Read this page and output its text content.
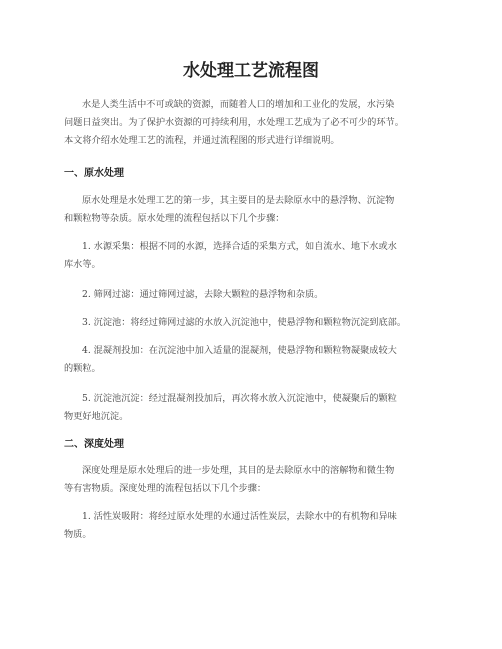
水处理工艺流程图

水是人类生活中不可或缺的资源，而随着人口的增加和工业化的发展，水污染
问题日益突出。为了保护水资源的可持续利用，水处理工艺成为了必不可少的环节。
本文将介绍水处理工艺的流程，并通过流程图的形式进行详细说明。

一、原水处理

原水处理是水处理工艺的第一步，其主要目的是去除原水中的悬浮物、沉淀物
和颗粒物等杂质。原水处理的流程包括以下几个步骤：

1. 水源采集：根据不同的水源，选择合适的采集方式，如自流水、地下水或水
库水等。

2. 筛网过滤：通过筛网过滤，去除大颗粒的悬浮物和杂质。

3. 沉淀池：将经过筛网过滤的水放入沉淀池中，使悬浮物和颗粒物沉淀到底部。

4. 混凝剂投加：在沉淀池中加入适量的混凝剂，使悬浮物和颗粒物凝聚成较大
的颗粒。

5. 沉淀池沉淀：经过混凝剂投加后，再次将水放入沉淀池中，使凝聚后的颗粒
物更好地沉淀。

二、深度处理

深度处理是原水处理后的进一步处理，其目的是去除原水中的溶解物和微生物
等有害物质。深度处理的流程包括以下几个步骤：

1. 活性炭吸附：将经过原水处理的水通过活性炭层，去除水中的有机物和异味
物质。
